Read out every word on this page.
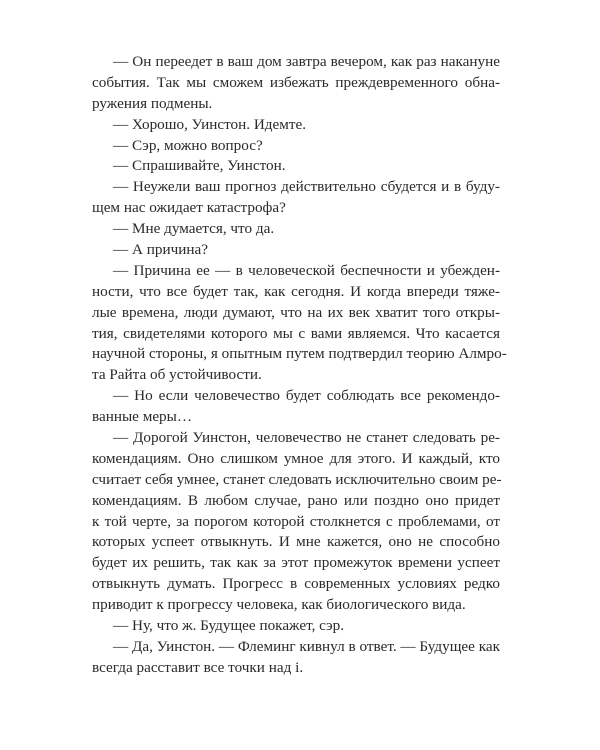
— Он переедет в ваш дом завтра вечером, как раз накануне
события. Так мы сможем избежать преждевременного обна-
ружения подмены.
— Хорошо, Уинстон. Идемте.
— Сэр, можно вопрос?
— Спрашивайте, Уинстон.
— Неужели ваш прогноз действительно сбудется и в буду-
щем нас ожидает катастрофа?
— Мне думается, что да.
— А причина?
— Причина ее — в человеческой беспечности и убежден-
ности, что все будет так, как сегодня. И когда впереди тяже-
лые времена, люди думают, что на их век хватит того откры-
тия, свидетелями которого мы с вами являемся. Что касается
научной стороны, я опытным путем подтвердил теорию Алмро-
та Райта об устойчивости.
— Но если человечество будет соблюдать все рекомендо-
ванные меры…
— Дорогой Уинстон, человечество не станет следовать ре-
комендациям. Оно слишком умное для этого. И каждый, кто
считает себя умнее, станет следовать исключительно своим ре-
комендациям. В любом случае, рано или поздно оно придет
к той черте, за порогом которой столкнется с проблемами, от
которых успеет отвыкнуть. И мне кажется, оно не способно
будет их решить, так как за этот промежуток времени успеет
отвыкнуть думать. Прогресс в современных условиях редко
приводит к прогрессу человека, как биологического вида.
— Ну, что ж. Будущее покажет, сэр.
— Да, Уинстон. — Флеминг кивнул в ответ. — Будущее как
всегда расставит все точки над i.
